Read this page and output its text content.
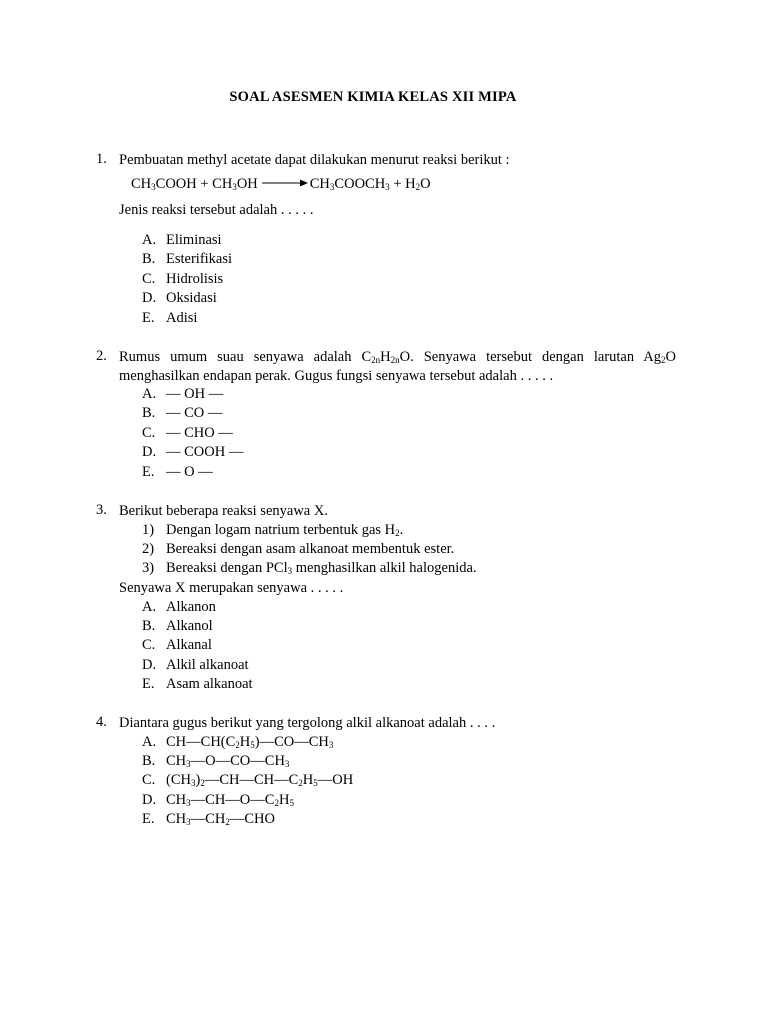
SOAL ASESMEN KIMIA KELAS XII MIPA
1. Pembuatan methyl acetate dapat dilakukan menurut reaksi berikut :
$CH_3COOH + CH_3OH$ → $CH_3COOCH_3 + H_2O$
Jenis reaksi tersebut adalah . . . . .
A. Eliminasi
B. Esterifikasi
C. Hidrolisis
D. Oksidasi
E. Adisi
2. Rumus umum suau senyawa adalah $C_{2n}H_{2n}O$. Senyawa tersebut dengan larutan $Ag_2O$ menghasilkan endapan perak. Gugus fungsi senyawa tersebut adalah . . . . .
A. — OH —
B. — CO —
C. — CHO —
D. — COOH —
E. — O —
3. Berikut beberapa reaksi senyawa X.
1) Dengan logam natrium terbentuk gas $H_2$.
2) Bereaksi dengan asam alkanoat membentuk ester.
3) Bereaksi dengan PCl$_3$ menghasilkan alkil halogenida.
Senyawa X merupakan senyawa . . . . .
A. Alkanon
B. Alkanol
C. Alkanal
D. Alkil alkanoat
E. Asam alkanoat
4. Diantara gugus berikut yang tergolong alkil alkanoat adalah . . . .
A. $CH—CH(C_2H_5)—CO—CH_3$
B. $CH_3—O—CO—CH_3$
C. $(CH_3)_2—CH—CH—C_2H_5—OH$
D. $CH_3—CH—O—C_2H_5$
E. $CH_3—CH_2—CHO$
